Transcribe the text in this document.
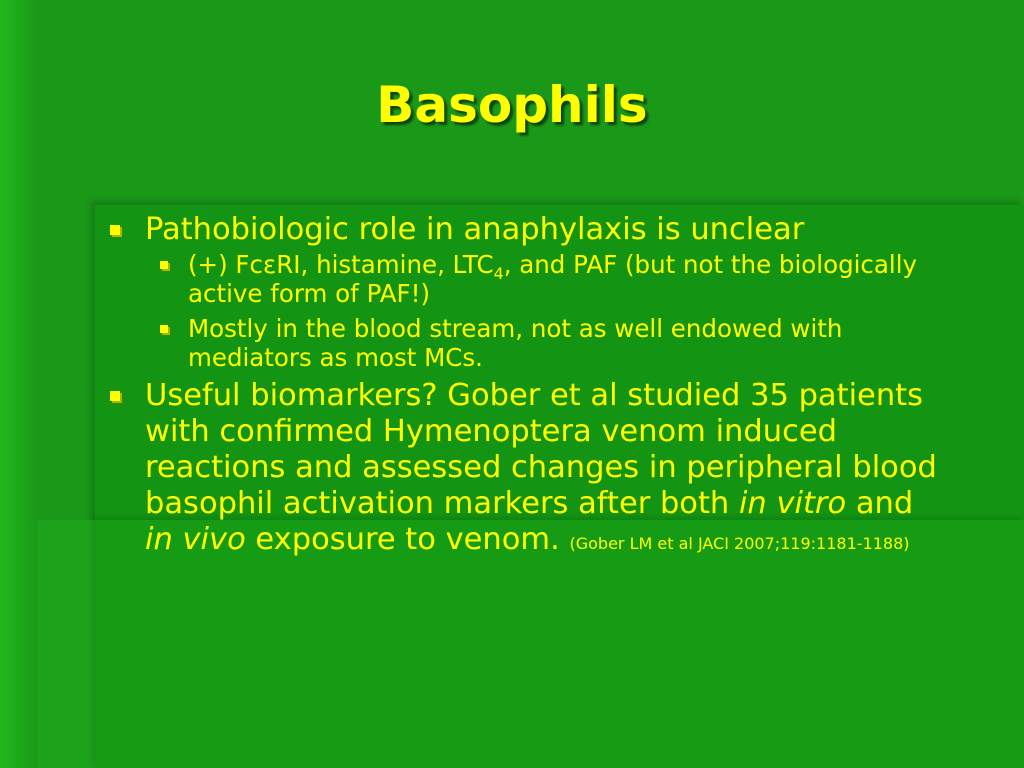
Basophils
Pathobiologic role in anaphylaxis is unclear
(+) FcεRI, histamine, $LTC_4$, and PAF (but not the biologically active form of PAF!)
Mostly in the blood stream, not as well endowed with mediators as most MCs.
Useful biomarkers? Gober et al studied 35 patients with confirmed Hymenoptera venom induced reactions and assessed changes in peripheral blood basophil activation markers after both in vitro and in vivo exposure to venom. (Gober LM et al JACI 2007;119:1181-1188)
